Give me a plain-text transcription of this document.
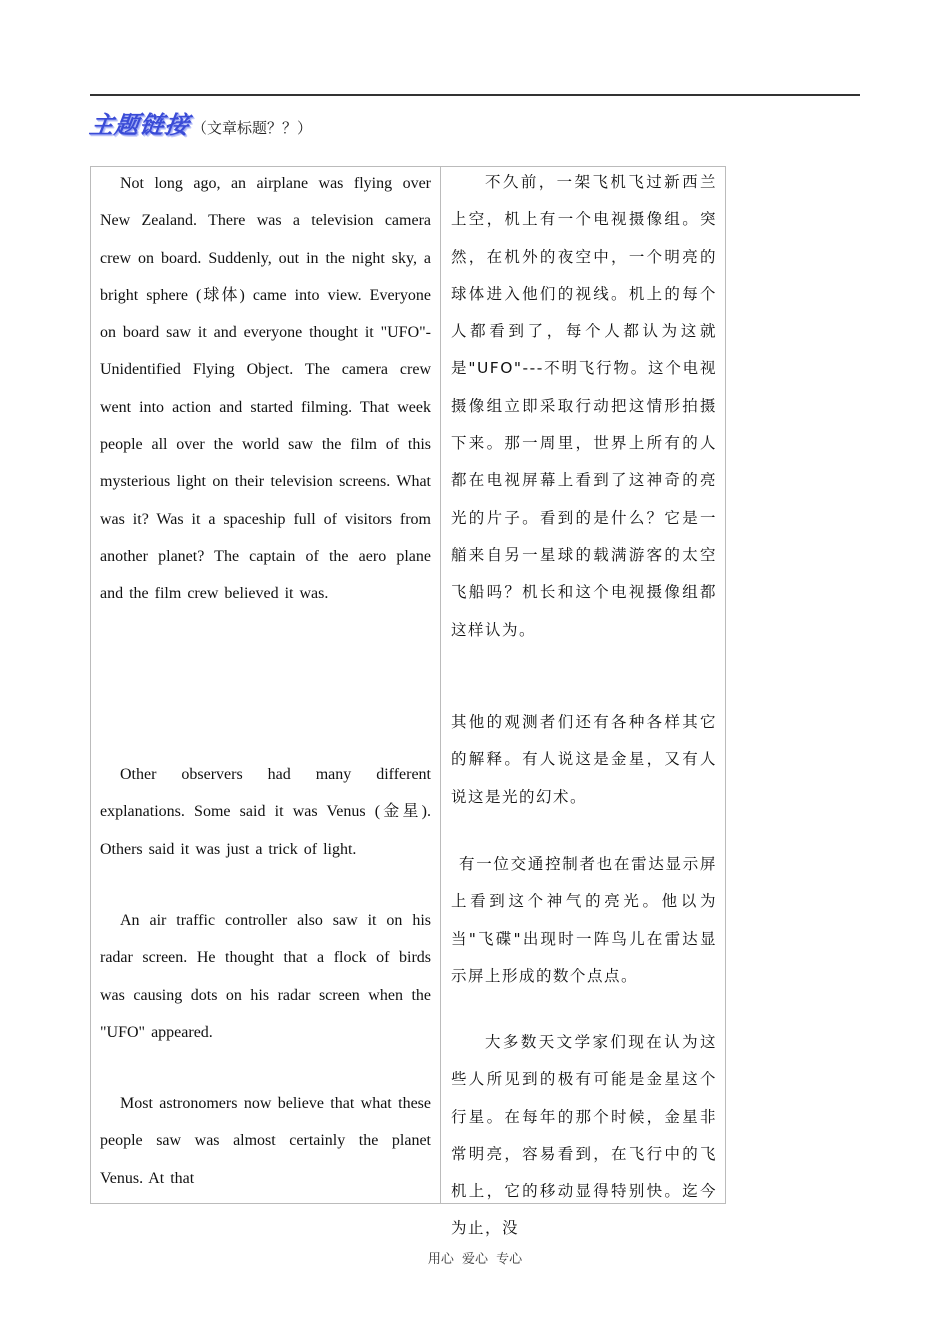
主题链接 （文章标题？？）

Not long ago, an airplane was flying over New Zealand. There was a television camera crew on board. Suddenly, out in the night sky, a bright sphere (球体) came into view. Everyone on board saw it and everyone thought it "UFO"-Unidentified Flying Object. The camera crew went into action and started filming. That week people all over the world saw the film of this mysterious light on their television screens. What was it? Was it a spaceship full of visitors from another planet? The captain of the aero plane and the film crew believed it was.

Other observers had many different explanations. Some said it was Venus (金星). Others said it was just a trick of light.

An air traffic controller also saw it on his radar screen. He thought that a flock of birds was causing dots on his radar screen when the "UFO" appeared.

Most astronomers now believe that what these people saw was almost certainly the planet Venus. At that

不久前，一架飞机飞过新西兰上空，机上有一个电视摄像组。突然，在机外的夜空中，一个明亮的球体进入他们的视线。机上的每个人都看到了，每个人都认为这就是"UFO"---不明飞行物。这个电视摄像组立即采取行动把这情形拍摄下来。那一周里，世界上所有的人都在电视屏幕上看到了这神奇的亮光的片子。看到的是什么？它是一艏来自另一星球的载满游客的太空飞船吗？机长和这个电视摄像组都这样认为。

其他的观测者们还有各种各样其它的解释。有人说这是金星，又有人说这是光的幻术。

有一位交通控制者也在雷达显示屏上看到这个神气的亮光。他以为当"飞碟"出现时一阵鸟儿在雷达显示屏上形成的数个点点。

大多数天文学家们现在认为这些人所见到的极有可能是金星这个行星。在每年的那个时候，金星非常明亮，容易看到，在飞行中的飞机上，它的移动显得特别快。迄今为止，没

用心 爱心 专心
